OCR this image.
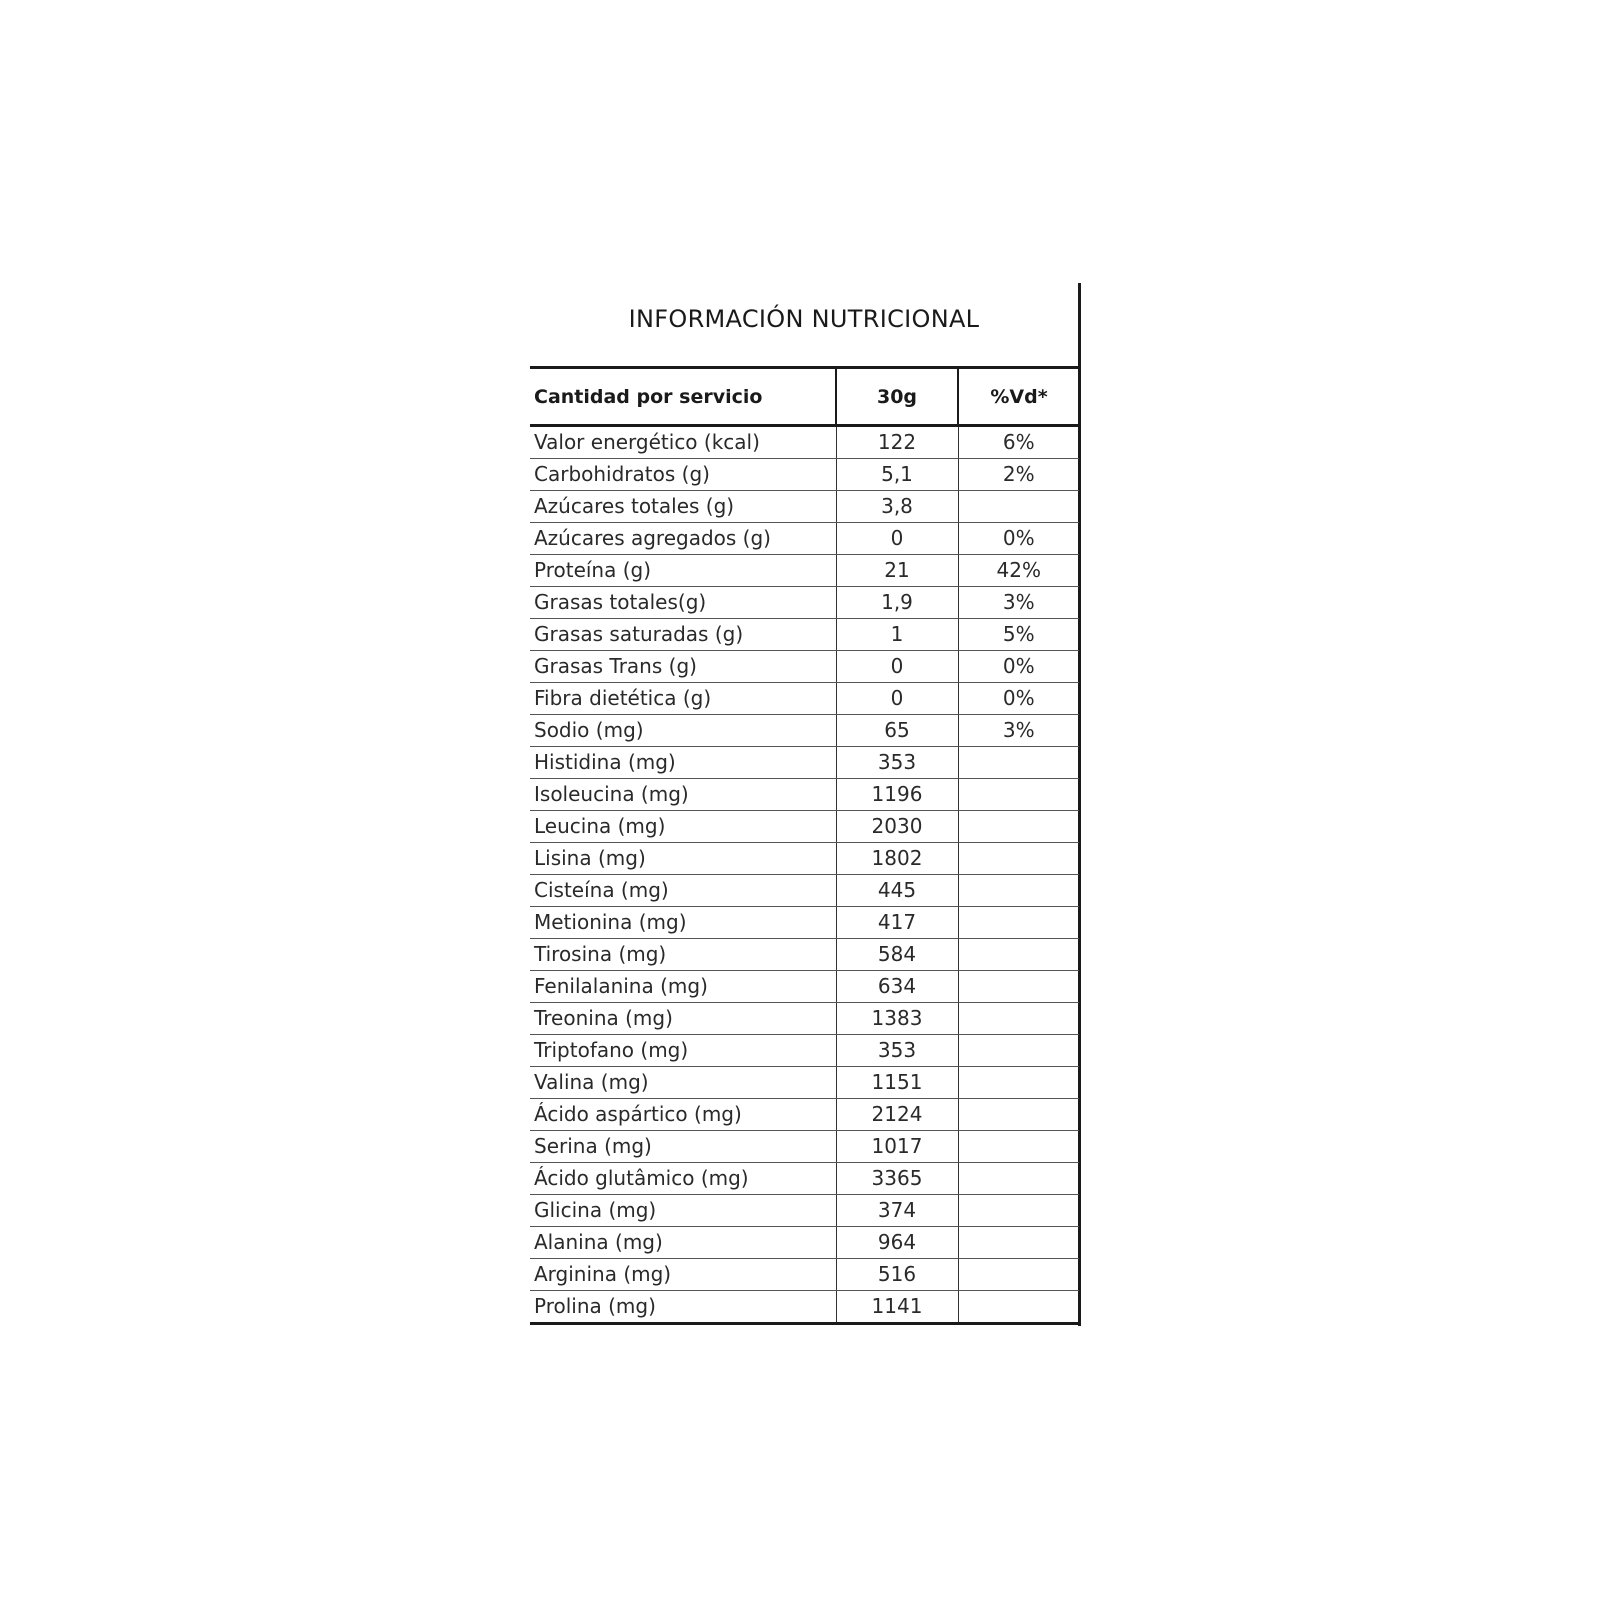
INFORMACIÓN NUTRICIONAL
Cantidad por servicio	30g	%Vd*
Valor energético (kcal)	122	6%
Carbohidratos (g)	5,1	2%
Azúcares totales (g)	3,8	
Azúcares agregados (g)	0	0%
Proteína (g)	21	42%
Grasas totales(g)	1,9	3%
Grasas saturadas (g)	1	5%
Grasas Trans (g)	0	0%
Fibra dietética (g)	0	0%
Sodio (mg)	65	3%
Histidina (mg)	353	
Isoleucina (mg)	1196	
Leucina (mg)	2030	
Lisina (mg)	1802	
Cisteína (mg)	445	
Metionina (mg)	417	
Tirosina (mg)	584	
Fenilalanina (mg)	634	
Treonina (mg)	1383	
Triptofano (mg)	353	
Valina (mg)	1151	
Ácido aspártico (mg)	2124	
Serina (mg)	1017	
Ácido glutâmico (mg)	3365	
Glicina (mg)	374	
Alanina (mg)	964	
Arginina (mg)	516	
Prolina (mg)	1141	
